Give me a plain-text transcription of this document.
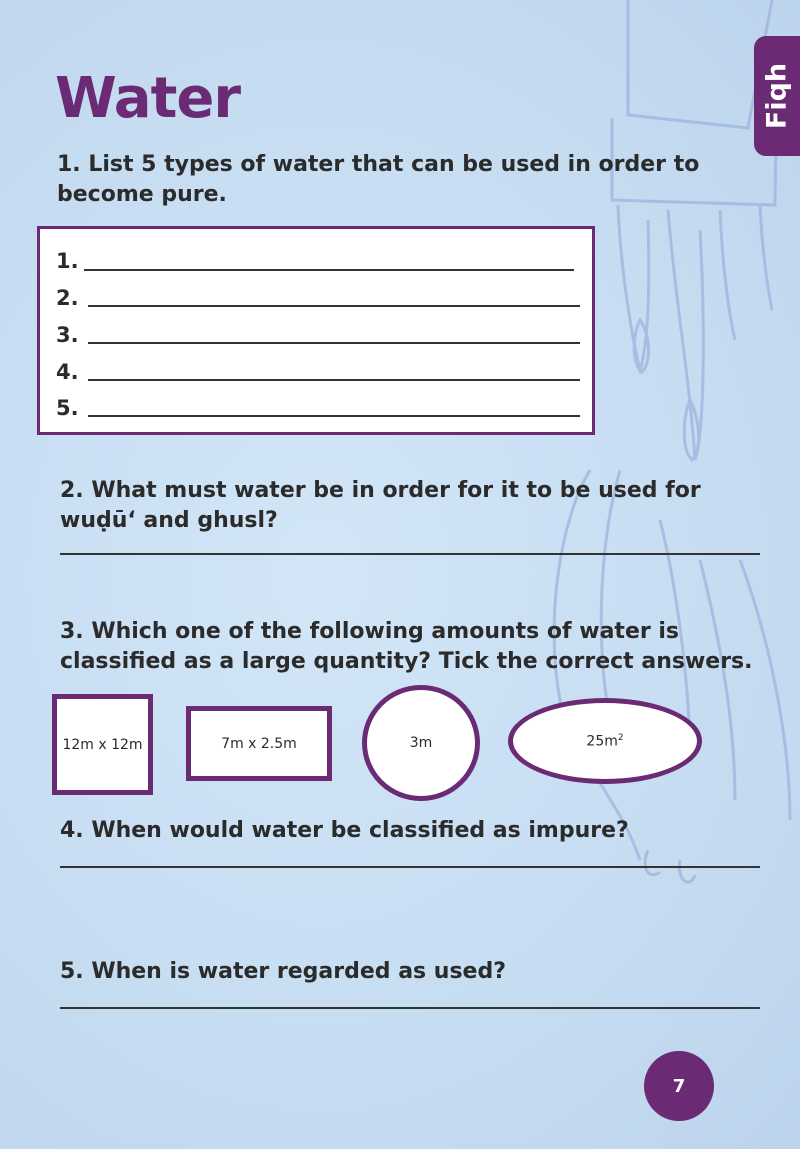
Fiqh
Water

1. List 5 types of water that can be used in order to become pure.

1.
2.
3.
4.
5.

2. What must water be in order for it to be used for wuḍū‘ and ghusl?

3. Which one of the following amounts of water is classified as a large quantity? Tick the correct answers.

12m x 12m	7m x 2.5m	3m	$25m^2$

4. When would water be classified as impure?

5. When is water regarded as used?

7
